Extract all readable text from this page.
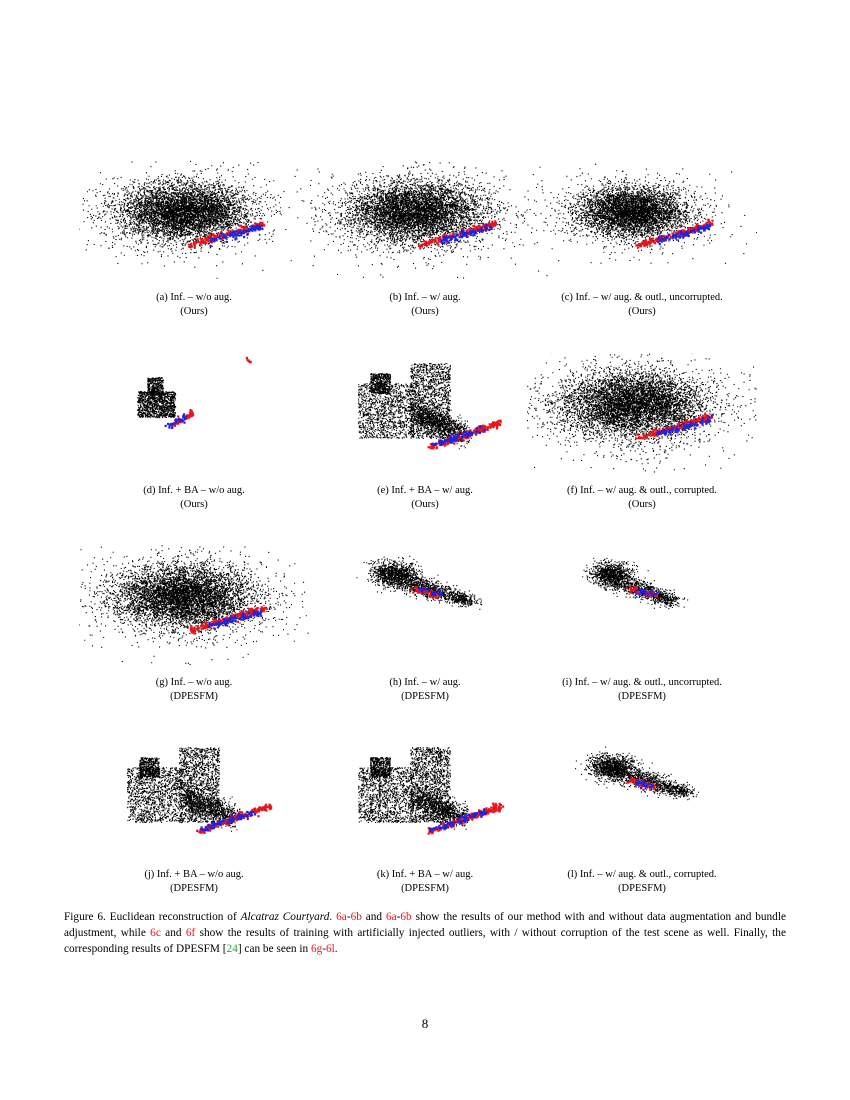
(a) Inf. – w/o aug.
(Ours)
(b) Inf. – w/ aug.
(Ours)
(c) Inf. – w/ aug. & outl., uncorrupted.
(Ours)
(d) Inf. + BA – w/o aug.
(Ours)
(e) Inf. + BA – w/ aug.
(Ours)
(f) Inf. – w/ aug. & outl., corrupted.
(Ours)
(g) Inf. – w/o aug.
(DPESFM)
(h) Inf. – w/ aug.
(DPESFM)
(i) Inf. – w/ aug. & outl., uncorrupted.
(DPESFM)
(j) Inf. + BA – w/o aug.
(DPESFM)
(k) Inf. + BA – w/ aug.
(DPESFM)
(l) Inf. – w/ aug. & outl., corrupted.
(DPESFM)
Figure 6. Euclidean reconstruction of Alcatraz Courtyard. 6a-6b and 6a-6b show the results of our method with and without data augmentation and bundle adjustment, while 6c and 6f show the results of training with artificially injected outliers, with / without corruption of the test scene as well. Finally, the corresponding results of DPESFM [24] can be seen in 6g-6l.
8
